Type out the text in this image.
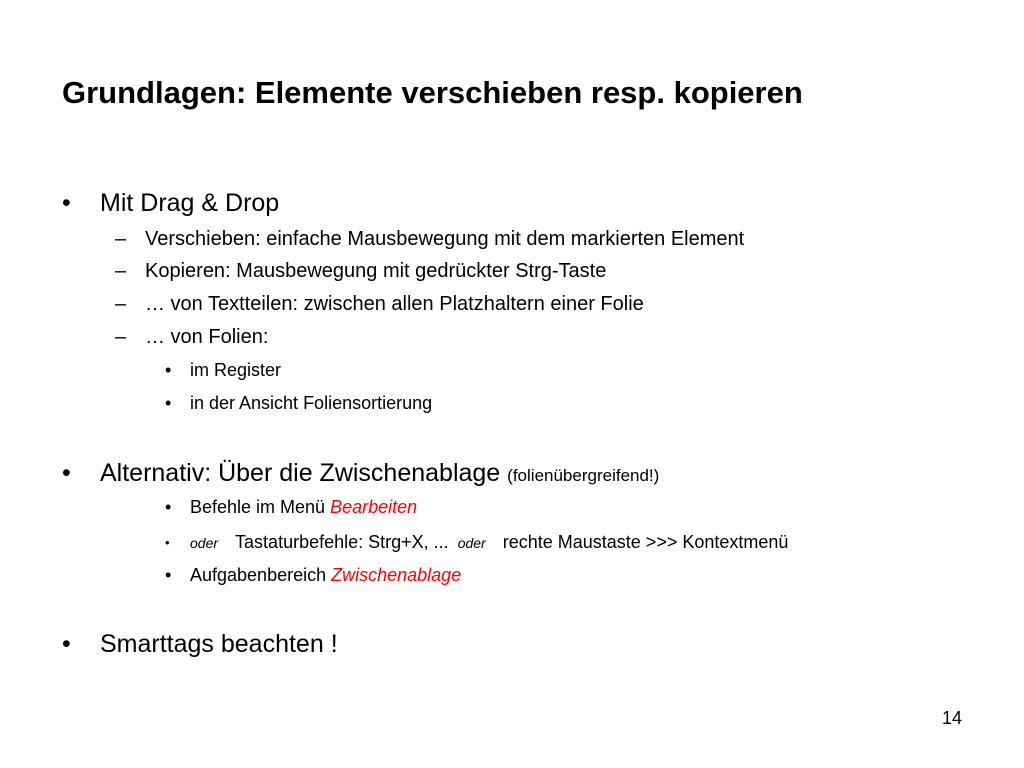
Grundlagen: Elemente verschieben resp. kopieren
• Mit Drag & Drop
– Verschieben: einfache Mausbewegung mit dem markierten Element
– Kopieren: Mausbewegung mit gedrückter Strg-Taste
– … von Textteilen: zwischen allen Platzhaltern einer Folie
– … von Folien:
• im Register
• in der Ansicht Foliensortierung
• Alternativ: Über die Zwischenablage (folienübergreifend!)
• Befehle im Menü Bearbeiten
• oder Tastaturbefehle: Strg+X, ... oder rechte Maustaste >>> Kontextmenü
• Aufgabenbereich Zwischenablage
• Smarttags beachten !
14
